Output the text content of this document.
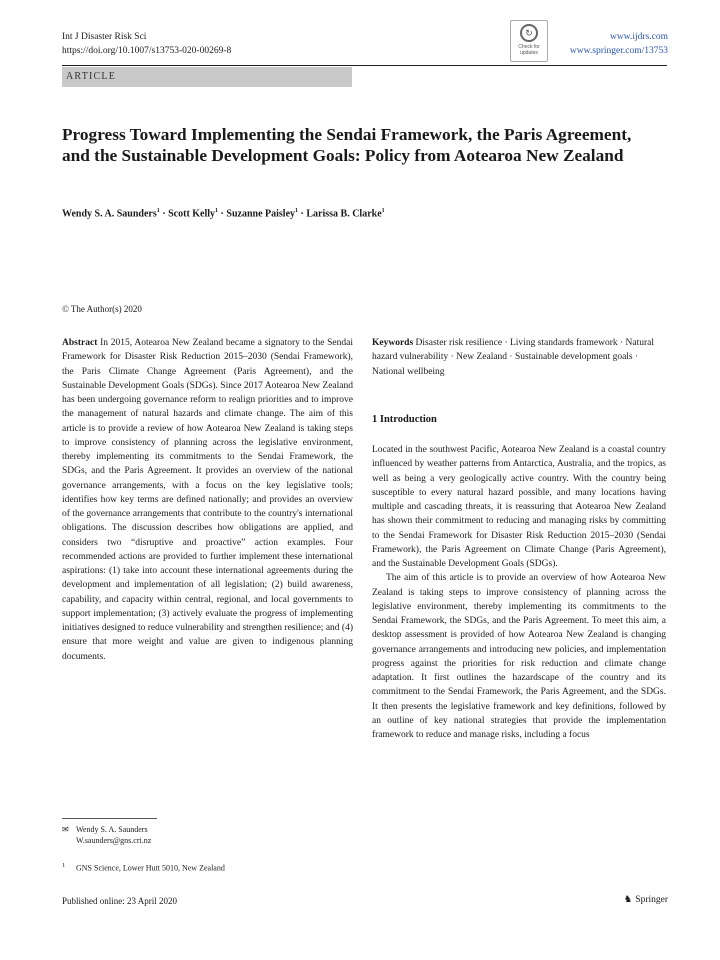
Int J Disaster Risk Sci
https://doi.org/10.1007/s13753-020-00269-8
↻
Check for updates
www.ijdrs.com
www.springer.com/13753
ARTICLE
Progress Toward Implementing the Sendai Framework, the Paris Agreement, and the Sustainable Development Goals: Policy from Aotearoa New Zealand
Wendy S. A. Saunders$^1$ · Scott Kelly$^1$ · Suzanne Paisley$^1$ · Larissa B. Clarke$^1$
© The Author(s) 2020

Abstract In 2015, Aotearoa New Zealand became a signatory to the Sendai Framework for Disaster Risk Reduction 2015–2030 (Sendai Framework), the Paris Climate Change Agreement (Paris Agreement), and the Sustainable Development Goals (SDGs). Since 2017 Aotearoa New Zealand has been undergoing governance reform to realign priorities and to improve the management of natural hazards and climate change. The aim of this article is to provide a review of how Aotearoa New Zealand is taking steps to improve consistency of planning across the legislative environment, thereby implementing its commitments to the Sendai Framework, the SDGs, and the Paris Agreement. It provides an overview of the national governance arrangements, with a focus on the key legislative tools; identifies how key terms are defined nationally; and provides an overview of the governance arrangements that contribute to the country's international obligations. The discussion describes how obligations are applied, and considers two “disruptive and proactive” action examples. Four recommended actions are provided to further implement these international aspirations: (1) take into account these international agreements during the development and implementation of all legislation; (2) build awareness, capability, and capacity within central, regional, and local governments to support implementation; (3) actively evaluate the progress of implementing initiatives designed to reduce vulnerability and strengthen resilience; and (4) ensure that more weight and value are given to indigenous planning documents.

Keywords Disaster risk resilience · Living standards framework · Natural hazard vulnerability · New Zealand · Sustainable development goals · National wellbeing

1 Introduction

Located in the southwest Pacific, Aotearoa New Zealand is a coastal country influenced by weather patterns from Antarctica, Australia, and the tropics, as well as being a very geologically active country. With the country being susceptible to every natural hazard possible, and many locations having multiple and cascading threats, it is reassuring that Aotearoa New Zealand has shown their commitment to reducing and managing risks by committing to the Sendai Framework for Disaster Risk Reduction 2015–2030 (Sendai Framework), the Paris Agreement on Climate Change (Paris Agreement), and the Sustainable Development Goals (SDGs).

The aim of this article is to provide an overview of how Aotearoa New Zealand is taking steps to improve consistency of planning across the legislative environment, thereby implementing its commitments to the Sendai Framework, the SDGs, and the Paris Agreement. To meet this aim, a desktop assessment is provided of how Aotearoa New Zealand is changing governance arrangements and introducing new policies, and implementation progress against the priorities for risk reduction and climate change adaptation. It first outlines the hazardscape of the country and its commitment to the Sendai Framework, the Paris Agreement, and the SDGs. It then presents the legislative framework and key definitions, followed by an outline of key national strategies that provide the implementation framework to reduce and manage risks, including a focus

✉ Wendy S. A. Saunders
W.saunders@gns.cri.nz
$^1$ GNS Science, Lower Hutt 5010, New Zealand
Published online: 23 April 2020	♞ Springer
